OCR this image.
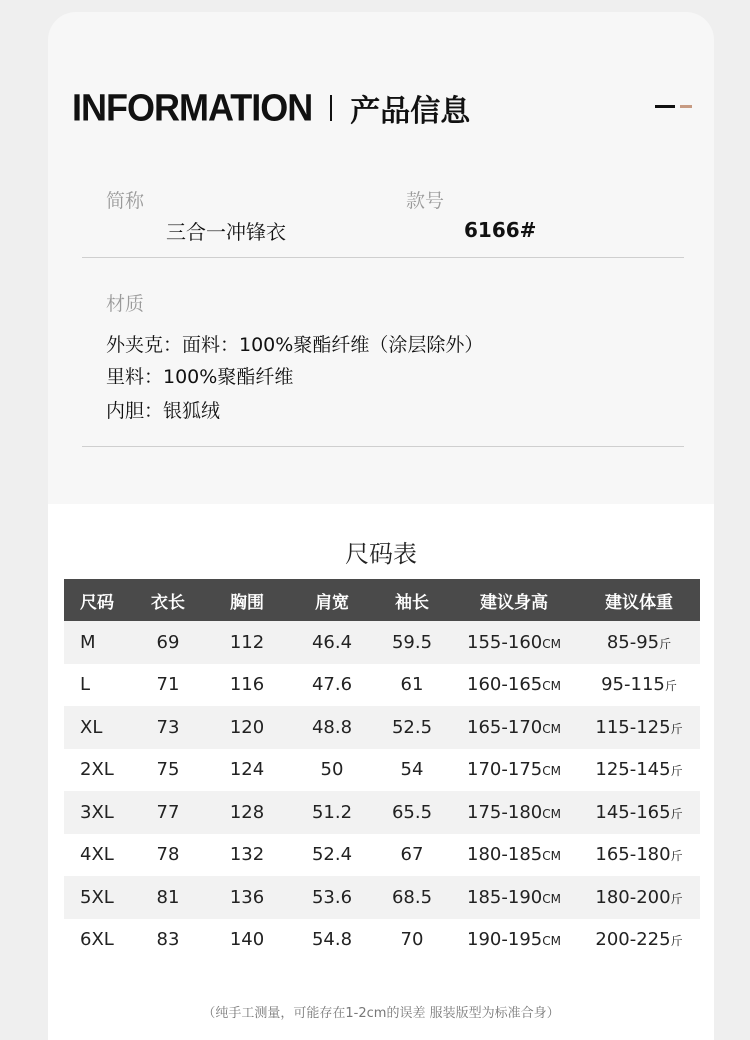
INFORMATION 产品信息
简称
三合一冲锋衣
款号
6166#
材质
外夹克：面料：100%聚酯纤维（涂层除外）
里料：100%聚酯纤维
内胆：银狐绒
尺码表
尺码	衣长	胸围	肩宽	袖长	建议身高	建议体重
M	69	112	46.4	59.5	155-160CM	85-95斤
L	71	116	47.6	61	160-165CM	95-115斤
XL	73	120	48.8	52.5	165-170CM	115-125斤
2XL	75	124	50	54	170-175CM	125-145斤
3XL	77	128	51.2	65.5	175-180CM	145-165斤
4XL	78	132	52.4	67	180-185CM	165-180斤
5XL	81	136	53.6	68.5	185-190CM	180-200斤
6XL	83	140	54.8	70	190-195CM	200-225斤
（纯手工测量，可能存在1-2cm的误差 服装版型为标准合身）
